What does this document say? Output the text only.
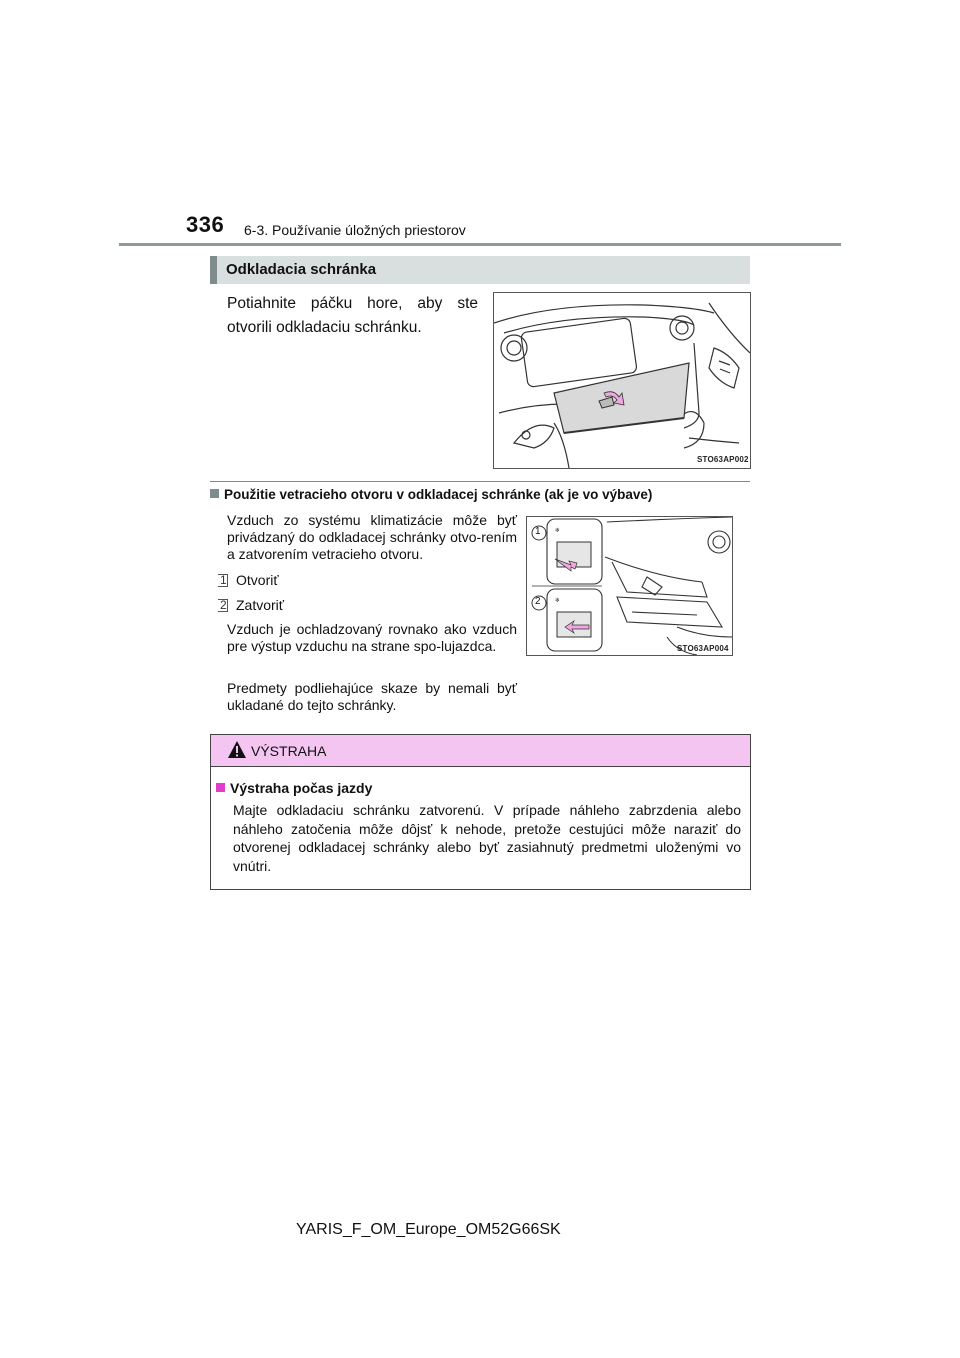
336 6-3. Používanie úložných priestorov
Odkladacia schránka
Potiahnite páčku hore, aby ste otvorili odkladaciu schránku.
STO63AP002
Použitie vetracieho otvoru v odkladacej schránke (ak je vo výbave)
Vzduch zo systému klimatizácie môže byť privádzaný do odkladacej schránky otvo-rením a zatvorením vetracieho otvoru.
1 Otvoriť
2 Zatvoriť
Vzduch je ochladzovaný rovnako ako vzduch pre výstup vzduchu na strane spo-lujazdca.
Predmety podliehajúce skaze by nemali byť ukladané do tejto schránky.
❄
❄
1
2
STO63AP004
VÝSTRAHA
Výstraha počas jazdy
Majte odkladaciu schránku zatvorenú. V prípade náhleho zabrzdenia alebo náhleho zatočenia môže dôjsť k nehode, pretože cestujúci môže naraziť do otvorenej odkladacej schránky alebo byť zasiahnutý predmetmi uloženými vo vnútri.
YARIS_F_OM_Europe_OM52G66SK
